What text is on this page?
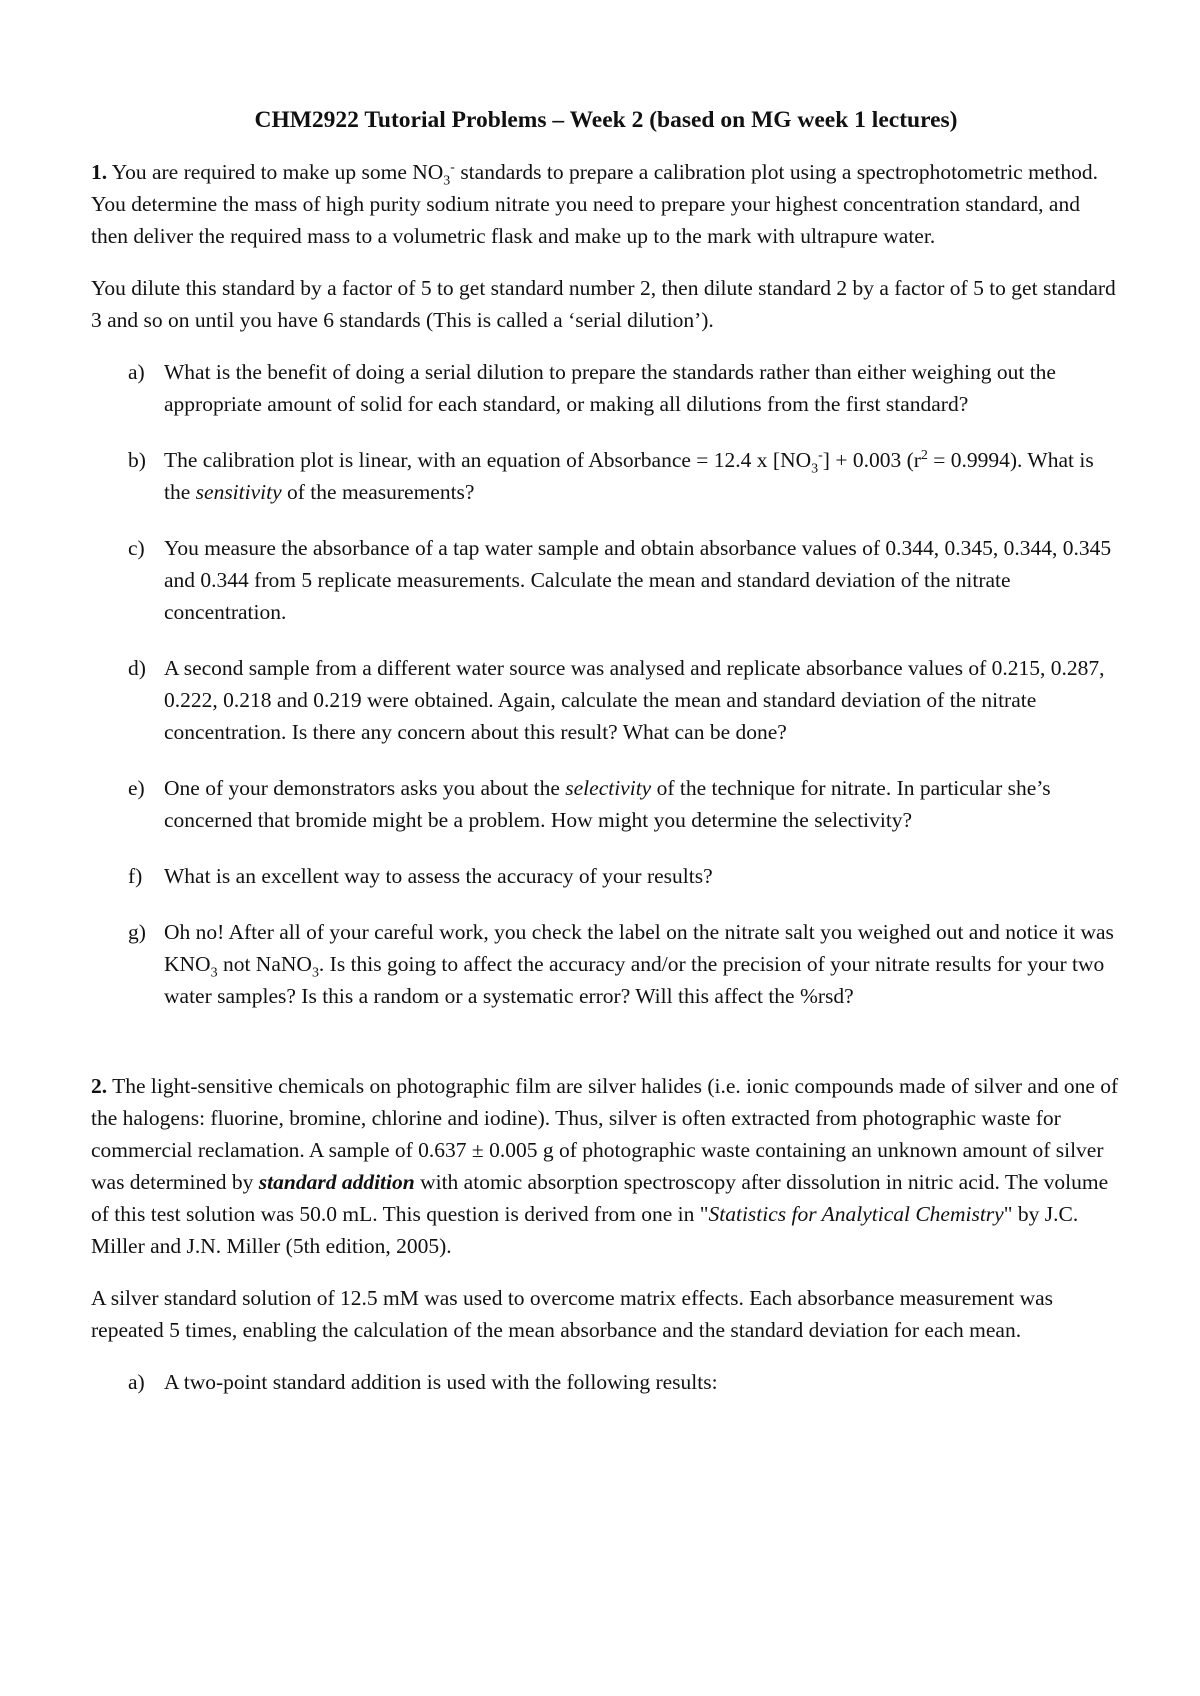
CHM2922 Tutorial Problems – Week 2 (based on MG week 1 lectures)

1. You are required to make up some $NO_3^-$ standards to prepare a calibration plot using a spectrophotometric method. You determine the mass of high purity sodium nitrate you need to prepare your highest concentration standard, and then deliver the required mass to a volumetric flask and make up to the mark with ultrapure water.

You dilute this standard by a factor of 5 to get standard number 2, then dilute standard 2 by a factor of 5 to get standard 3 and so on until you have 6 standards (This is called a ‘serial dilution’).

a) What is the benefit of doing a serial dilution to prepare the standards rather than either weighing out the appropriate amount of solid for each standard, or making all dilutions from the first standard?
b) The calibration plot is linear, with an equation of Absorbance = 12.4 x $[NO_3^-] + 0.003$ $(r^2 = 0.9994)$. What is the sensitivity of the measurements?
c) You measure the absorbance of a tap water sample and obtain absorbance values of 0.344, 0.345, 0.344, 0.345 and 0.344 from 5 replicate measurements. Calculate the mean and standard deviation of the nitrate concentration.
d) A second sample from a different water source was analysed and replicate absorbance values of 0.215, 0.287, 0.222, 0.218 and 0.219 were obtained. Again, calculate the mean and standard deviation of the nitrate concentration. Is there any concern about this result? What can be done?
e) One of your demonstrators asks you about the selectivity of the technique for nitrate. In particular she’s concerned that bromide might be a problem. How might you determine the selectivity?
f)	What is an excellent way to assess the accuracy of your results?
g) Oh no! After all of your careful work, you check the label on the nitrate salt you weighed out and notice it was $KNO_3$ not NaNO$_3$. Is this going to affect the accuracy and/or the precision of your nitrate results for your two water samples? Is this a random or a systematic error? Will this affect the %rsd?

2. The light-sensitive chemicals on photographic film are silver halides (i.e. ionic compounds made of silver and one of the halogens: fluorine, bromine, chlorine and iodine). Thus, silver is often extracted from photographic waste for commercial reclamation. A sample of 0.637 ± 0.005 g of photographic waste containing an unknown amount of silver was determined by standard addition with atomic absorption spectroscopy after dissolution in nitric acid. The volume of this test solution was 50.0 mL. This question is derived from one in "Statistics for Analytical Chemistry" by J.C. Miller and J.N. Miller (5th edition, 2005).

A silver standard solution of 12.5 mM was used to overcome matrix effects. Each absorbance measurement was repeated 5 times, enabling the calculation of the mean absorbance and the standard deviation for each mean.

a) A two-point standard addition is used with the following results:
